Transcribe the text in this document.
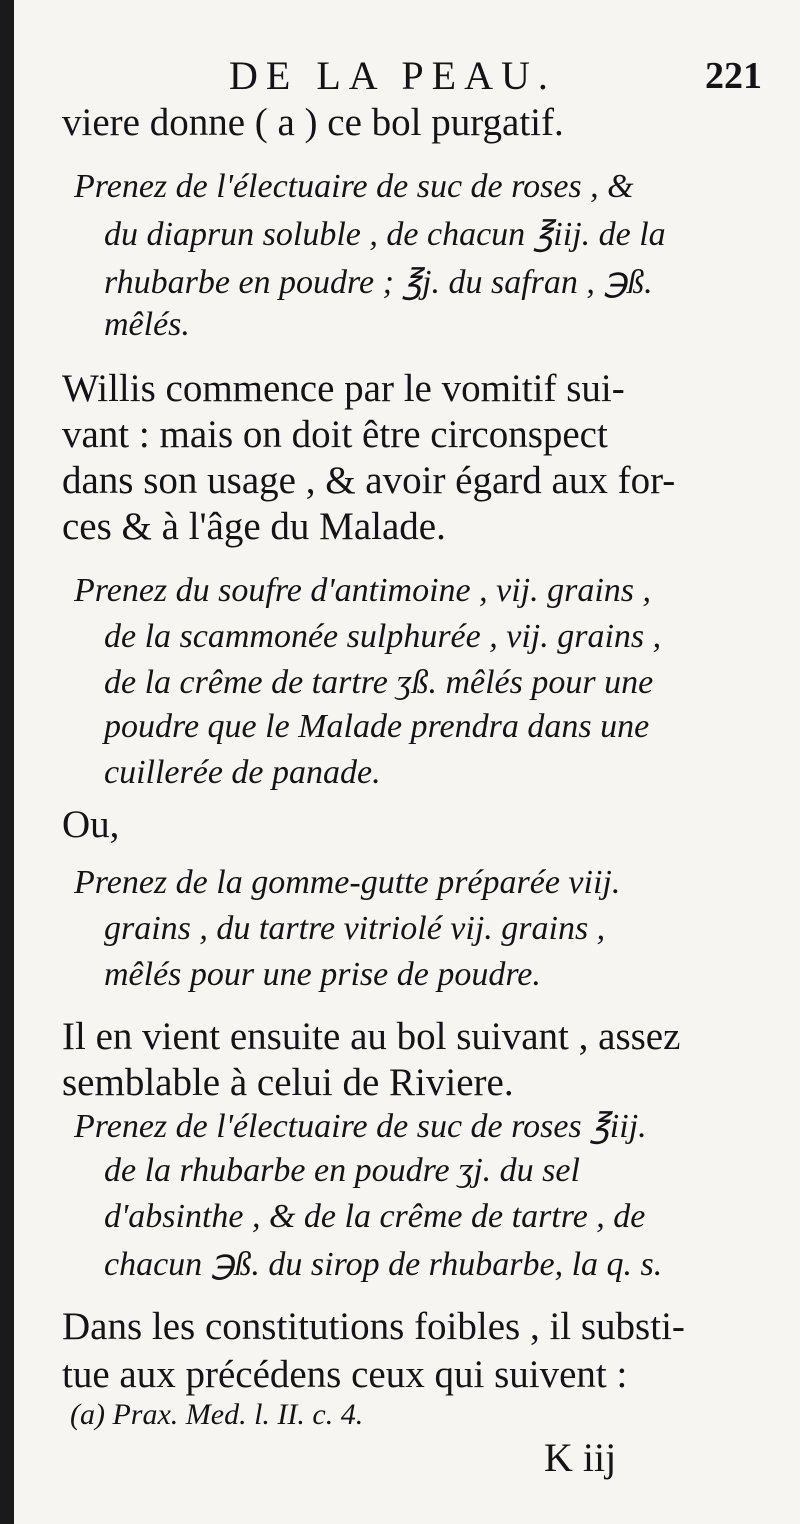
DE LA PEAU.	221
viere donne ( a ) ce bol purgatif.
Prenez de l'électuaire de suc de roses , &
du diaprun soluble , de chacun ℥iij. de la
rhubarbe en poudre ; ℥j. du safran , ℈ß.
mêlés.
Willis commence par le vomitif sui-
vant : mais on doit être circonspect
dans son usage , & avoir égard aux for-
ces & à l'âge du Malade.
Prenez du soufre d'antimoine , vij. grains ,
de la scammonée sulphurée , vij. grains ,
de la crême de tartre ʒß. mêlés pour une
poudre que le Malade prendra dans une
cuillerée de panade.
Ou,
Prenez de la gomme-gutte préparée viij.
grains , du tartre vitriolé vij. grains ,
mêlés pour une prise de poudre.
Il en vient ensuite au bol suivant , assez
semblable à celui de Riviere.
Prenez de l'électuaire de suc de roses ℥iij.
de la rhubarbe en poudre ʒj. du sel
d'absinthe , & de la crême de tartre , de
chacun ℈ß. du sirop de rhubarbe, la q. s.
Dans les constitutions foibles , il substi-
tue aux précédens ceux qui suivent :
(a) Prax. Med. l. II. c. 4.
K iij
